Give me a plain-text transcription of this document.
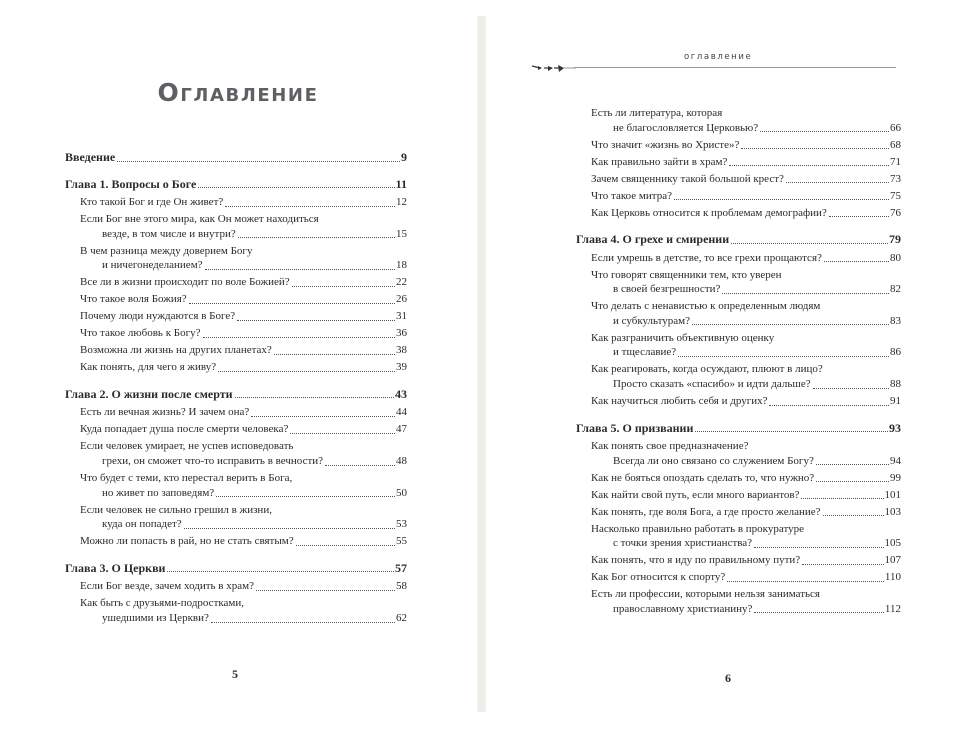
Оглавление
Введение	9
Глава 1. Вопросы о Боге	11
Кто такой Бог и где Он живет?	12
Если Бог вне этого мира, как Он может находиться
везде, в том числе и внутри?	15
В чем разница между доверием Богу
и ничегонеделанием?	18
Все ли в жизни происходит по воле Божией?	22
Что такое воля Божия?	26
Почему люди нуждаются в Боге?	31
Что такое любовь к Богу?	36
Возможна ли жизнь на других планетах?	38
Как понять, для чего я живу?	39
Глава 2. О жизни после смерти	43
Есть ли вечная жизнь? И зачем она?	44
Куда попадает душа после смерти человека?	47
Если человек умирает, не успев исповедовать
грехи, он сможет что-то исправить в вечности?	48
Что будет с теми, кто перестал верить в Бога,
но живет по заповедям?	50
Если человек не сильно грешил в жизни,
куда он попадет?	53
Можно ли попасть в рай, но не стать святым?	55
Глава 3. О Церкви	57
Если Бог везде, зачем ходить в храм?	58
Как быть с друзьями-подростками,
ушедшими из Церкви?	62
5
оглавление
Есть ли литература, которая
не благословляется Церковью?	66
Что значит «жизнь во Христе»?	68
Как правильно зайти в храм?	71
Зачем священнику такой большой крест?	73
Что такое митра?	75
Как Церковь относится к проблемам демографии?	76
Глава 4. О грехе и смирении	79
Если умрешь в детстве, то все грехи прощаются?	80
Что говорят священники тем, кто уверен
в своей безгрешности?	82
Что делать с ненавистью к определенным людям
и субкультурам?	83
Как разграничить объективную оценку
и тщеславие?	86
Как реагировать, когда осуждают, плюют в лицо?
Просто сказать «спасибо» и идти дальше?	88
Как научиться любить себя и других?	91
Глава 5. О призвании	93
Как понять свое предназначение?
Всегда ли оно связано со служением Богу?	94
Как не бояться опоздать сделать то, что нужно?	99
Как найти свой путь, если много вариантов?	101
Как понять, где воля Бога, а где просто желание?	103
Насколько правильно работать в прокуратуре
с точки зрения христианства?	105
Как понять, что я иду по правильному пути?	107
Как Бог относится к спорту?	110
Есть ли профессии, которыми нельзя заниматься
православному христианину?	112
6
